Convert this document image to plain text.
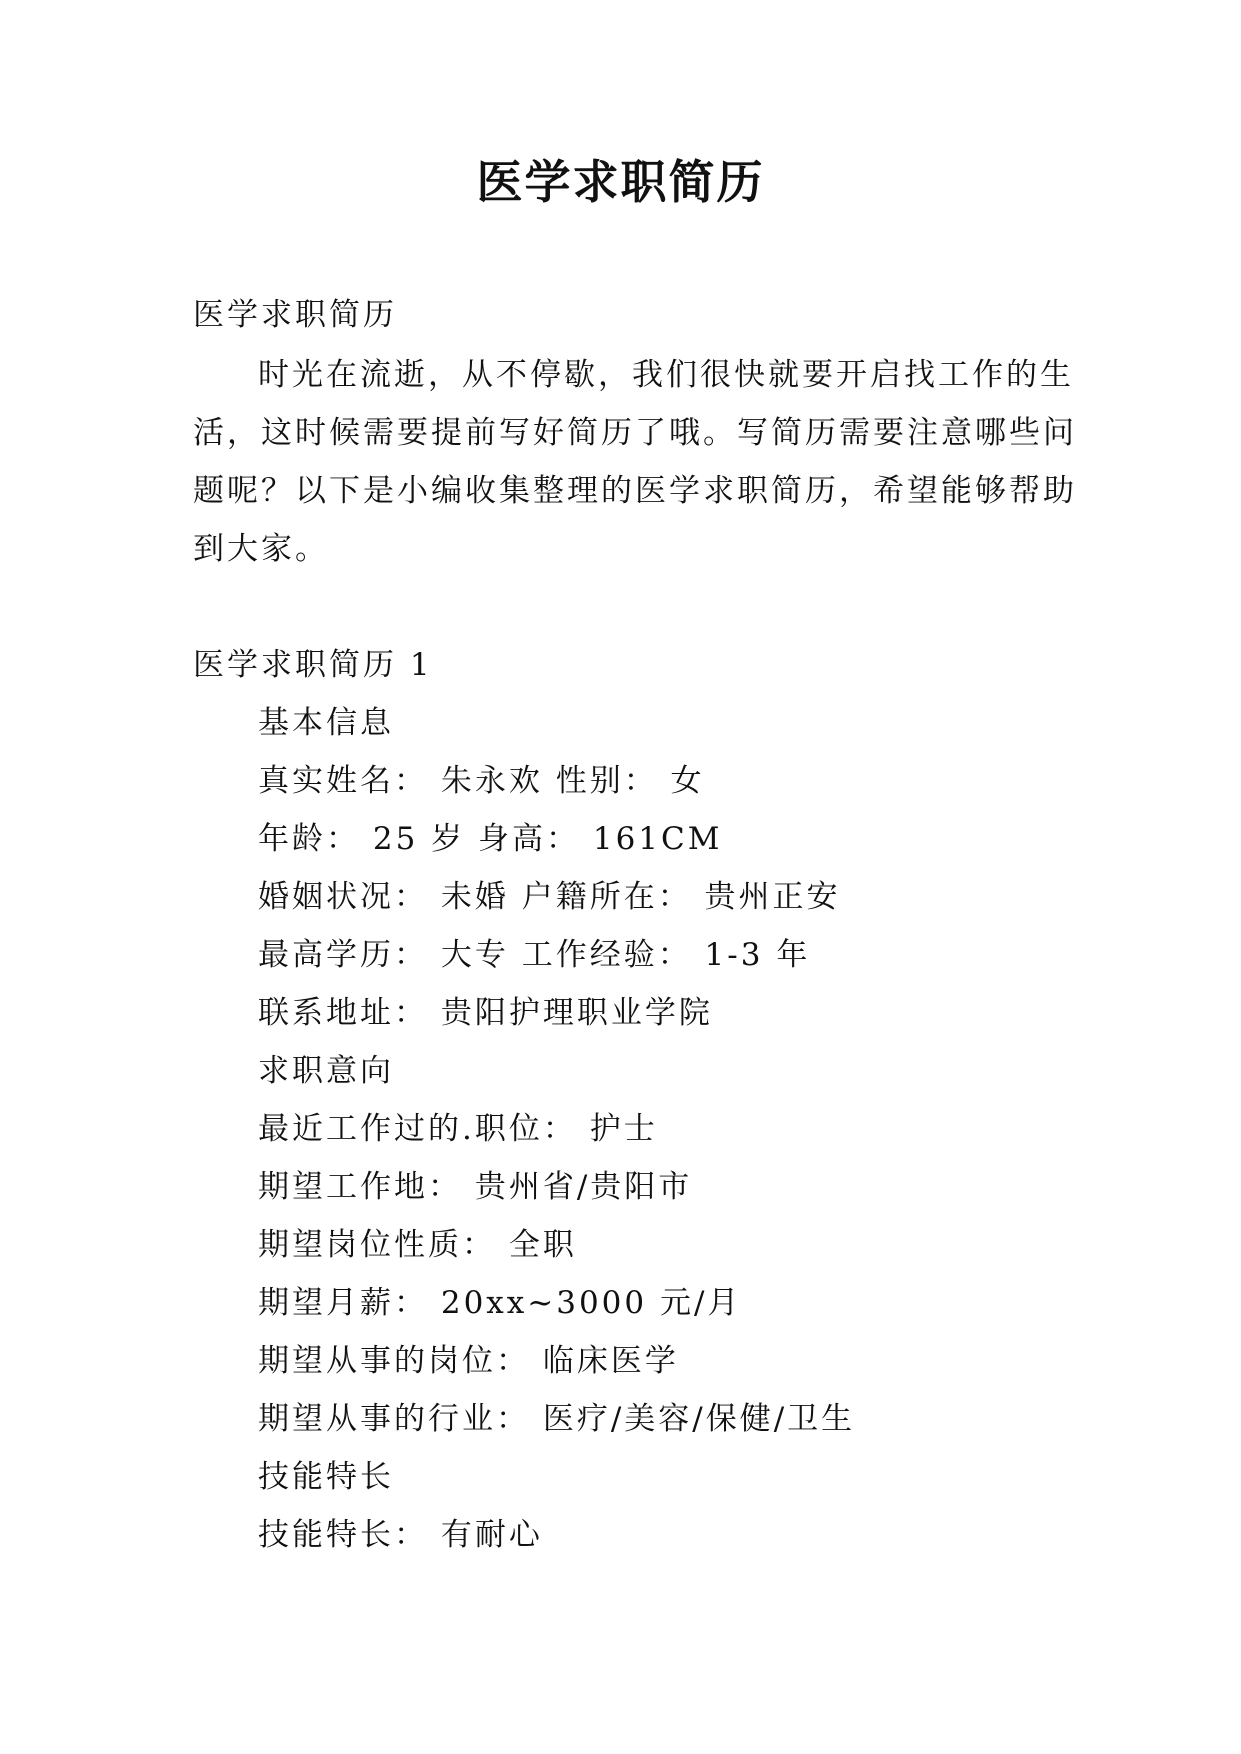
医学求职简历

医学求职简历

时光在流逝，从不停歇，我们很快就要开启找工作的生

活，这时候需要提前写好简历了哦。写简历需要注意哪些问

题呢？以下是小编收集整理的医学求职简历，希望能够帮助

到大家。

医学求职简历 1

基本信息

真实姓名： 朱永欢 性别： 女

年龄： 25 岁 身高： 161CM

婚姻状况： 未婚 户籍所在： 贵州正安

最高学历： 大专 工作经验： 1-3 年

联系地址： 贵阳护理职业学院

求职意向

最近工作过的.职位： 护士

期望工作地： 贵州省/贵阳市

期望岗位性质： 全职

期望月薪： 20xx~3000 元/月

期望从事的岗位： 临床医学

期望从事的行业： 医疗/美容/保健/卫生

技能特长

技能特长： 有耐心
